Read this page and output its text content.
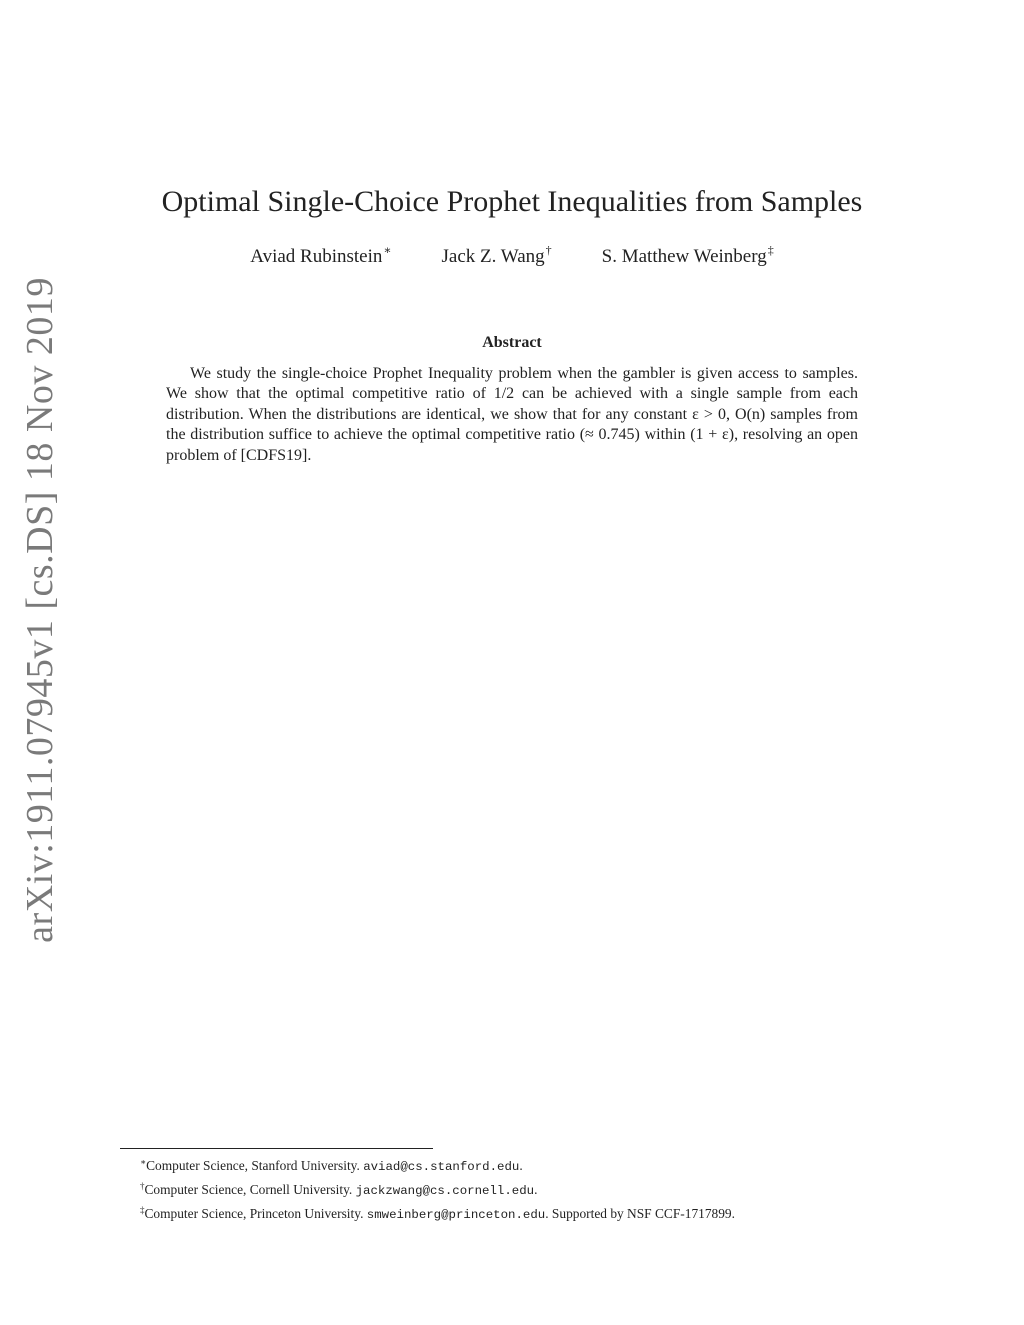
arXiv:1911.07945v1 [cs.DS] 18 Nov 2019
Optimal Single-Choice Prophet Inequalities from Samples
Aviad Rubinstein∗	Jack Z. Wang†	S. Matthew Weinberg‡
Abstract
We study the single-choice Prophet Inequality problem when the gambler is given access to samples. We show that the optimal competitive ratio of 1/2 can be achieved with a single sample from each distribution. When the distributions are identical, we show that for any constant ε > 0, O(n) samples from the distribution suffice to achieve the optimal competitive ratio (≈ 0.745) within (1 + ε), resolving an open problem of [CDFS19].
∗Computer Science, Stanford University. aviad@cs.stanford.edu.
†Computer Science, Cornell University. jackzwang@cs.cornell.edu.
‡Computer Science, Princeton University. smweinberg@princeton.edu. Supported by NSF CCF-1717899.
